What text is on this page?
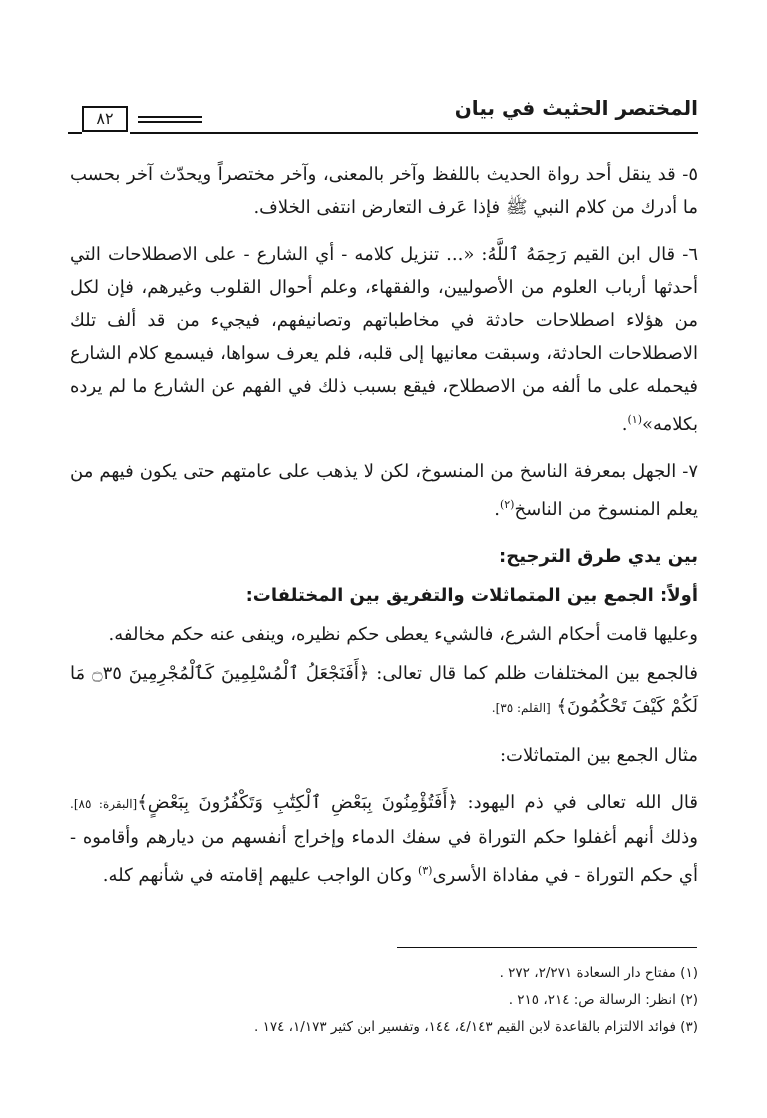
المختصر الحثيث في بيان
٨٢

٥- قد ينقل أحد رواة الحديث باللفظ وآخر بالمعنى، وآخر مختصراً ويحدّث آخر بحسب ما أدرك من كلام النبي ﷺ فإذا عَرف التعارض انتفى الخلاف.

٦- قال ابن القيم رَحِمَهُ ٱللَّهُ: «... تنزيل كلامه - أي الشارع - على الاصطلاحات التي أحدثها أرباب العلوم من الأصوليين، والفقهاء، وعلم أحوال القلوب وغيرهم، فإن لكل من هؤلاء اصطلاحات حادثة في مخاطباتهم وتصانيفهم، فيجيء من قد ألف تلك الاصطلاحات الحادثة، وسبقت معانيها إلى قلبه، فلم يعرف سواها، فيسمع كلام الشارع فيحمله على ما ألفه من الاصطلاح، فيقع بسبب ذلك في الفهم عن الشارع ما لم يرده بكلامه»$^{(١)}$.

٧- الجهل بمعرفة الناسخ من المنسوخ، لكن لا يذهب على عامتهم حتى يكون فيهم من يعلم المنسوخ من الناسخ$^{(٢)}$.

بين يدي طرق الترجيح:

أولاً: الجمع بين المتماثلات والتفريق بين المختلفات:

وعليها قامت أحكام الشرع، فالشيء يعطى حكم نظيره، وينفى عنه حكم مخالفه.

فالجمع بين المختلفات ظلم كما قال تعالى: ﴿أَفَنَجْعَلُ ٱلْمُسْلِمِينَ كَٱلْمُجْرِمِينَ ۝٣٥ مَا لَكُمْ كَيْفَ تَحْكُمُونَ﴾ [القلم: ٣٥].

مثال الجمع بين المتماثلات:

قال الله تعالى في ذم اليهود: ﴿أَفَتُؤْمِنُونَ بِبَعْضِ ٱلْكِتَٰبِ وَتَكْفُرُونَ بِبَعْضٍ﴾[البقرة: ٨٥]. وذلك أنهم أغفلوا حكم التوراة في سفك الدماء وإخراج أنفسهم من ديارهم وأقاموه - أي حكم التوراة - في مفاداة الأسرى$^{(٣)}$ وكان الواجب عليهم إقامته في شأنهم كله.

(١) مفتاح دار السعادة ٢/٢٧١، ٢٧٢ .
(٢) انظر: الرسالة ص: ٢١٤، ٢١٥ .
(٣) فوائد الالتزام بالقاعدة لابن القيم ٤/١٤٣، ١٤٤، وتفسير ابن كثير ١/١٧٣، ١٧٤ .
